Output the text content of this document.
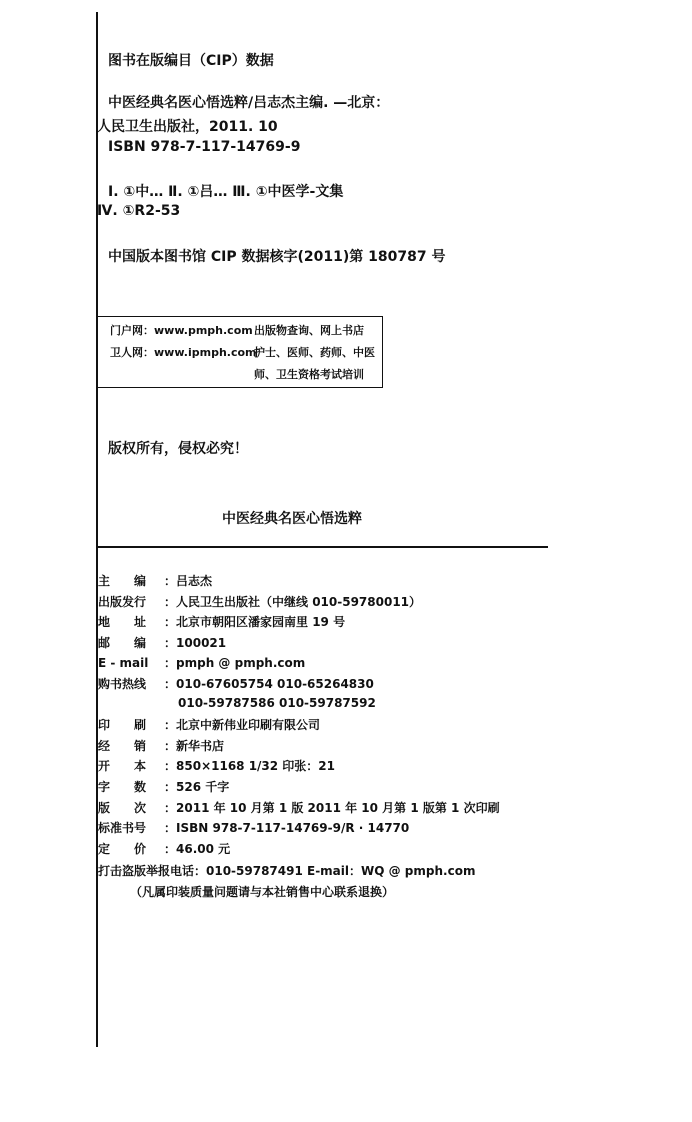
图书在版编目（CIP）数据
中医经典名医心悟选粹/吕志杰主编. —北京：
人民卫生出版社，2011. 10
ISBN 978-7-117-14769-9
Ⅰ. ①中… Ⅱ. ①吕… Ⅲ. ①中医学-文集
Ⅳ. ①R2-53
中国版本图书馆 CIP 数据核字(2011)第 180787 号
门户网：www.pmph.com
卫人网：www.ipmph.com
出版物查询、网上书店
护士、医师、药师、中医
师、卫生资格考试培训
版权所有，侵权必究！
中医经典名医心悟选粹
主　　编 ：吕志杰
出版发行 ：人民卫生出版社（中继线 010-59780011）
地　　址 ：北京市朝阳区潘家园南里 19 号
邮　　编 ：100021
E - mail ：pmph @ pmph.com
购书热线 ：010-67605754 010-65264830
010-59787586 010-59787592
印　　刷 ：北京中新伟业印刷有限公司
经　　销 ：新华书店
开　　本 ：850×1168 1/32 印张：21
字　　数 ：526 千字
版　　次 ：2011 年 10 月第 1 版 2011 年 10 月第 1 版第 1 次印刷
标准书号 ：ISBN 978-7-117-14769-9/R · 14770
定　　价 ：46.00 元
打击盗版举报电话：010-59787491 E-mail：WQ @ pmph.com
（凡属印装质量问题请与本社销售中心联系退换）
